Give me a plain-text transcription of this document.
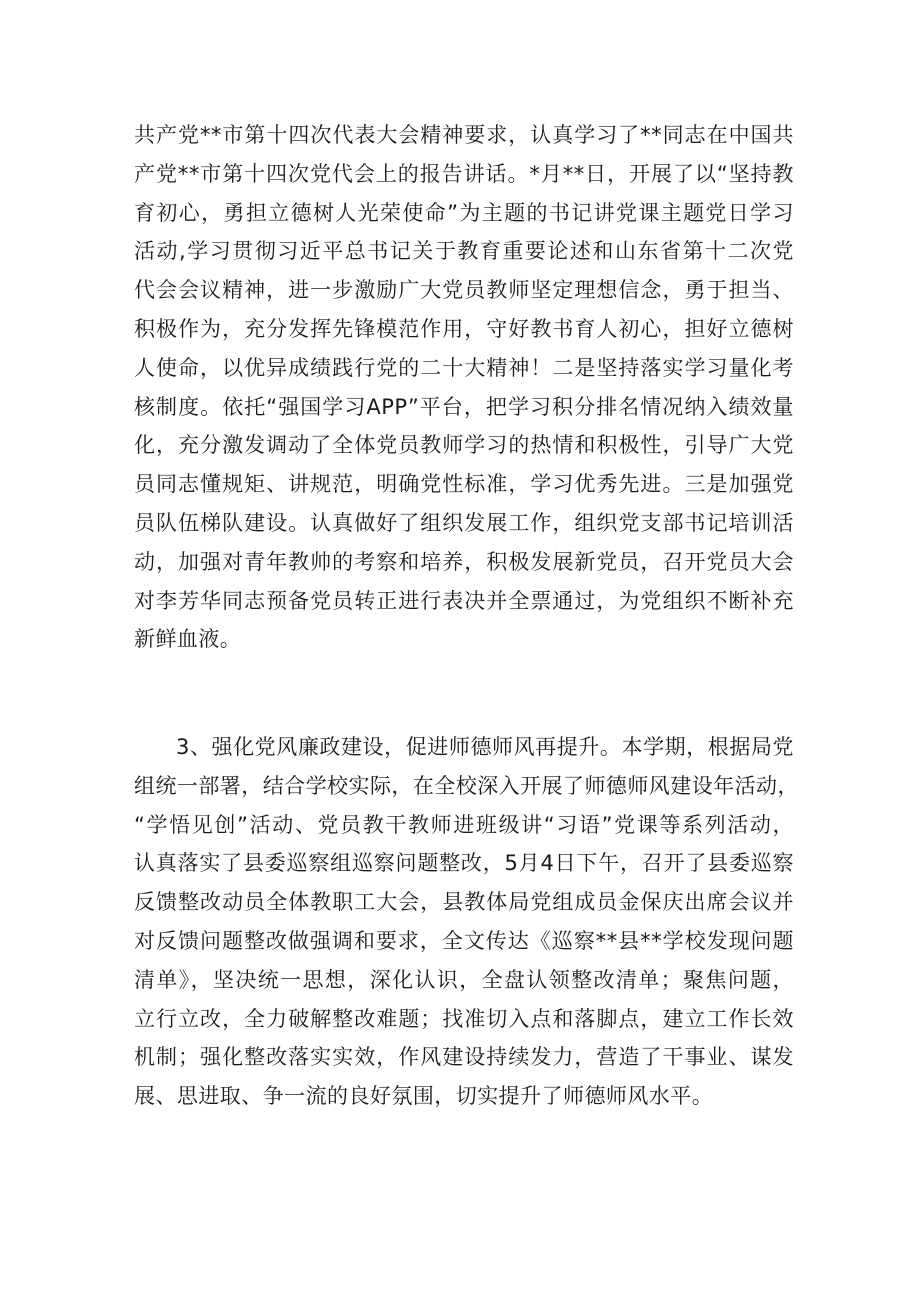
共产党**市第十四次代表大会精神要求，认真学习了**同志在中国共
产党**市第十四次党代会上的报告讲话。*月**日，开展了以“坚持教
育初心，勇担立德树人光荣使命”为主题的书记讲党课主题党日学习
活动,学习贯彻习近平总书记关于教育重要论述和山东省第十二次党
代会会议精神，进一步激励广大党员教师坚定理想信念，勇于担当、
积极作为，充分发挥先锋模范作用，守好教书育人初心，担好立德树
人使命，以优异成绩践行党的二十大精神！二是坚持落实学习量化考
核制度。依托“强国学习APP”平台，把学习积分排名情况纳入绩效量
化，充分激发调动了全体党员教师学习的热情和积极性，引导广大党
员同志懂规矩、讲规范，明确党性标准，学习优秀先进。三是加强党
员队伍梯队建设。认真做好了组织发展工作，组织党支部书记培训活
动，加强对青年教帅的考察和培养，积极发展新党员，召开党员大会
对李芳华同志预备党员转正进行表决并全票通过，为党组织不断补充
新鲜血液。
3、强化党风廉政建设，促进师德师风再提升。本学期，根据局党
组统一部署，结合学校实际，在全校深入开展了师德师风建设年活动，
“学悟见创”活动、党员教干教师进班级讲“习语”党课等系列活动，
认真落实了县委巡察组巡察问题整改，5月4日下午，召开了县委巡察
反馈整改动员全体教职工大会，县教体局党组成员金保庆出席会议并
对反馈问题整改做强调和要求，全文传达《巡察**县**学校发现问题
清单》，坚决统一思想，深化认识，全盘认领整改清单；聚焦问题，
立行立改，全力破解整改难题；找准切入点和落脚点，建立工作长效
机制；强化整改落实实效，作风建设持续发力，营造了干事业、谋发
展、思进取、争一流的良好氛围，切实提升了师德师风水平。
